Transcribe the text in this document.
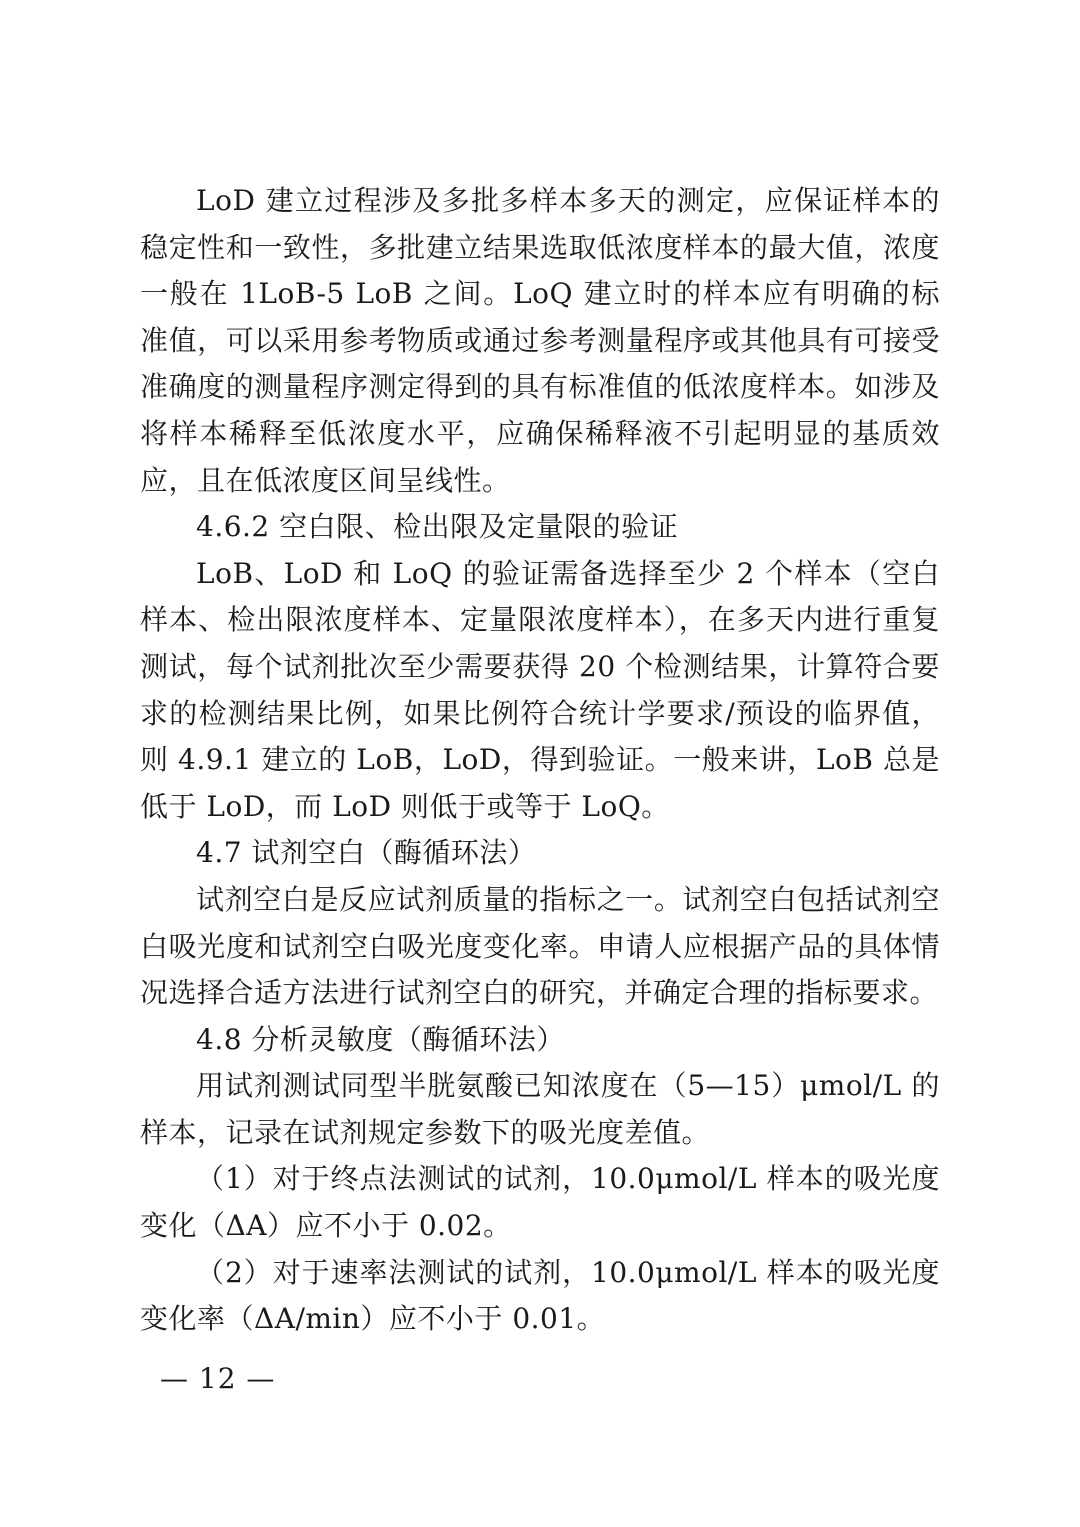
LoD 建立过程涉及多批多样本多天的测定，应保证样本的稳定性和一致性，多批建立结果选取低浓度样本的最大值，浓度一般在 1LoB-5 LoB 之间。LoQ 建立时的样本应有明确的标准值，可以采用参考物质或通过参考测量程序或其他具有可接受准确度的测量程序测定得到的具有标准值的低浓度样本。如涉及将样本稀释至低浓度水平，应确保稀释液不引起明显的基质效应，且在低浓度区间呈线性。

4.6.2 空白限、检出限及定量限的验证

LoB、LoD 和 LoQ 的验证需备选择至少 2 个样本（空白样本、检出限浓度样本、定量限浓度样本），在多天内进行重复测试，每个试剂批次至少需要获得 20 个检测结果，计算符合要求的检测结果比例，如果比例符合统计学要求/预设的临界值，则 4.9.1 建立的 LoB，LoD，得到验证。一般来讲，LoB 总是低于 LoD，而 LoD 则低于或等于 LoQ。

4.7 试剂空白（酶循环法）

试剂空白是反应试剂质量的指标之一。试剂空白包括试剂空白吸光度和试剂空白吸光度变化率。申请人应根据产品的具体情况选择合适方法进行试剂空白的研究，并确定合理的指标要求。

4.8 分析灵敏度（酶循环法）

用试剂测试同型半胱氨酸已知浓度在（5—15）μmol/L 的样本，记录在试剂规定参数下的吸光度差值。

（1）对于终点法测试的试剂，10.0μmol/L 样本的吸光度变化（ΔA）应不小于 0.02。

（2）对于速率法测试的试剂，10.0μmol/L 样本的吸光度变化率（ΔA/min）应不小于 0.01。

— 12 —
